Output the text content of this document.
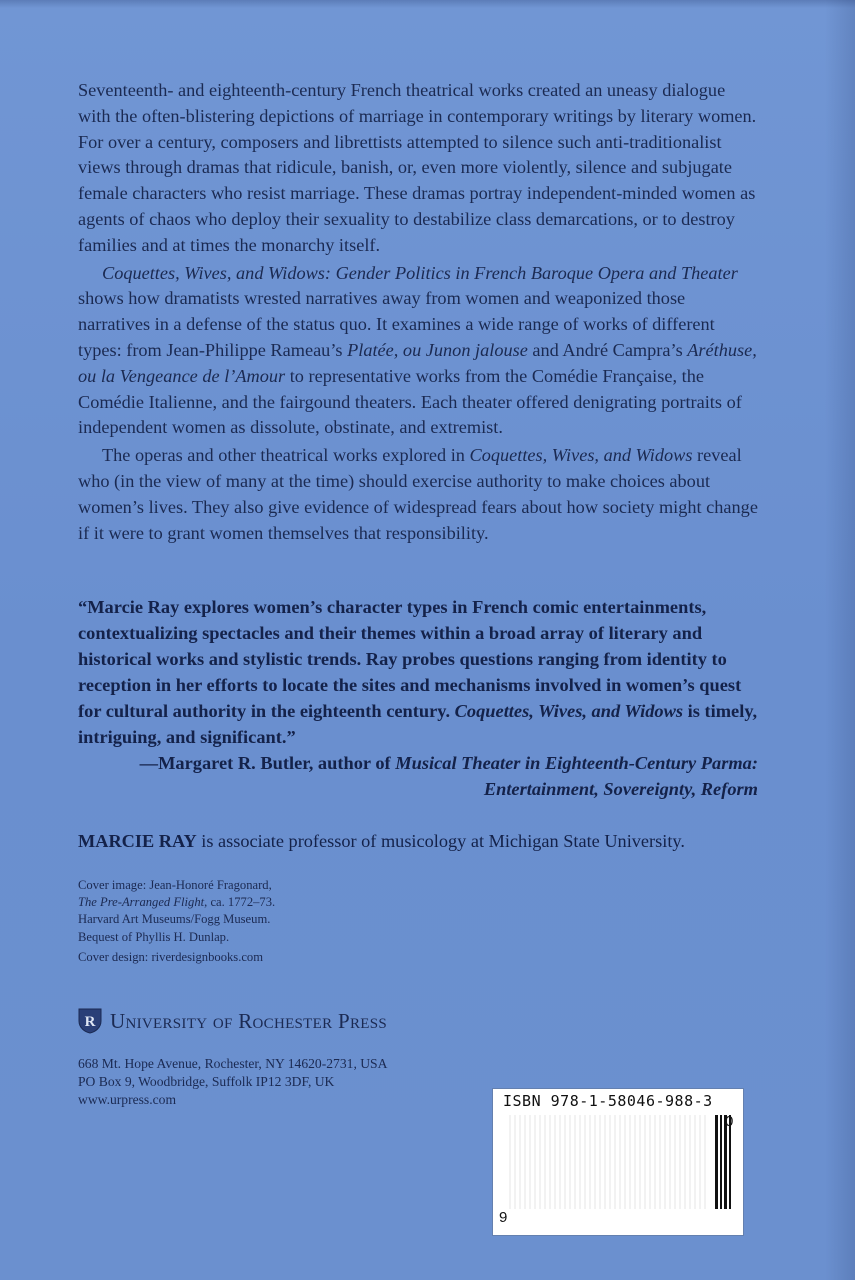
Seventeenth- and eighteenth-century French theatrical works created an uneasy dialogue with the often-blistering depictions of marriage in contemporary writings by literary women. For over a century, composers and librettists attempted to silence such anti-traditionalist views through dramas that ridicule, banish, or, even more violently, silence and subjugate female characters who resist marriage. These dramas portray independent-minded women as agents of chaos who deploy their sexuality to destabilize class demarcations, or to destroy families and at times the monarchy itself.

Coquettes, Wives, and Widows: Gender Politics in French Baroque Opera and Theater shows how dramatists wrested narratives away from women and weaponized those narratives in a defense of the status quo. It examines a wide range of works of different types: from Jean-Philippe Rameau’s Platée, ou Junon jalouse and André Campra’s Aréthuse, ou la Vengeance de l’Amour to representative works from the Comédie Française, the Comédie Italienne, and the fairgound theaters. Each theater offered denigrating portraits of independent women as dissolute, obstinate, and extremist.

The operas and other theatrical works explored in Coquettes, Wives, and Widows reveal who (in the view of many at the time) should exercise authority to make choices about women’s lives. They also give evidence of widespread fears about how society might change if it were to grant women themselves that responsibility.

“Marcie Ray explores women’s character types in French comic entertainments, contextualizing spectacles and their themes within a broad array of literary and historical works and stylistic trends. Ray probes questions ranging from identity to reception in her efforts to locate the sites and mechanisms involved in women’s quest for cultural authority in the eighteenth century. Coquettes, Wives, and Widows is timely, intriguing, and significant.”
—Margaret R. Butler, author of Musical Theater in Eighteenth-Century Parma:
Entertainment, Sovereignty, Reform
MARCIE RAY is associate professor of musicology at Michigan State University.
Cover image: Jean-Honoré Fragonard,
The Pre-Arranged Flight, ca. 1772–73.
Harvard Art Museums/Fogg Museum.
Bequest of Phyllis H. Dunlap.
Cover design: riverdesignbooks.com
R University of Rochester Press
668 Mt. Hope Avenue, Rochester, NY 14620-2731, USA
PO Box 9, Woodbridge, Suffolk IP12 3DF, UK
www.urpress.com	ISBN 978-1-58046-988-3
9
0
